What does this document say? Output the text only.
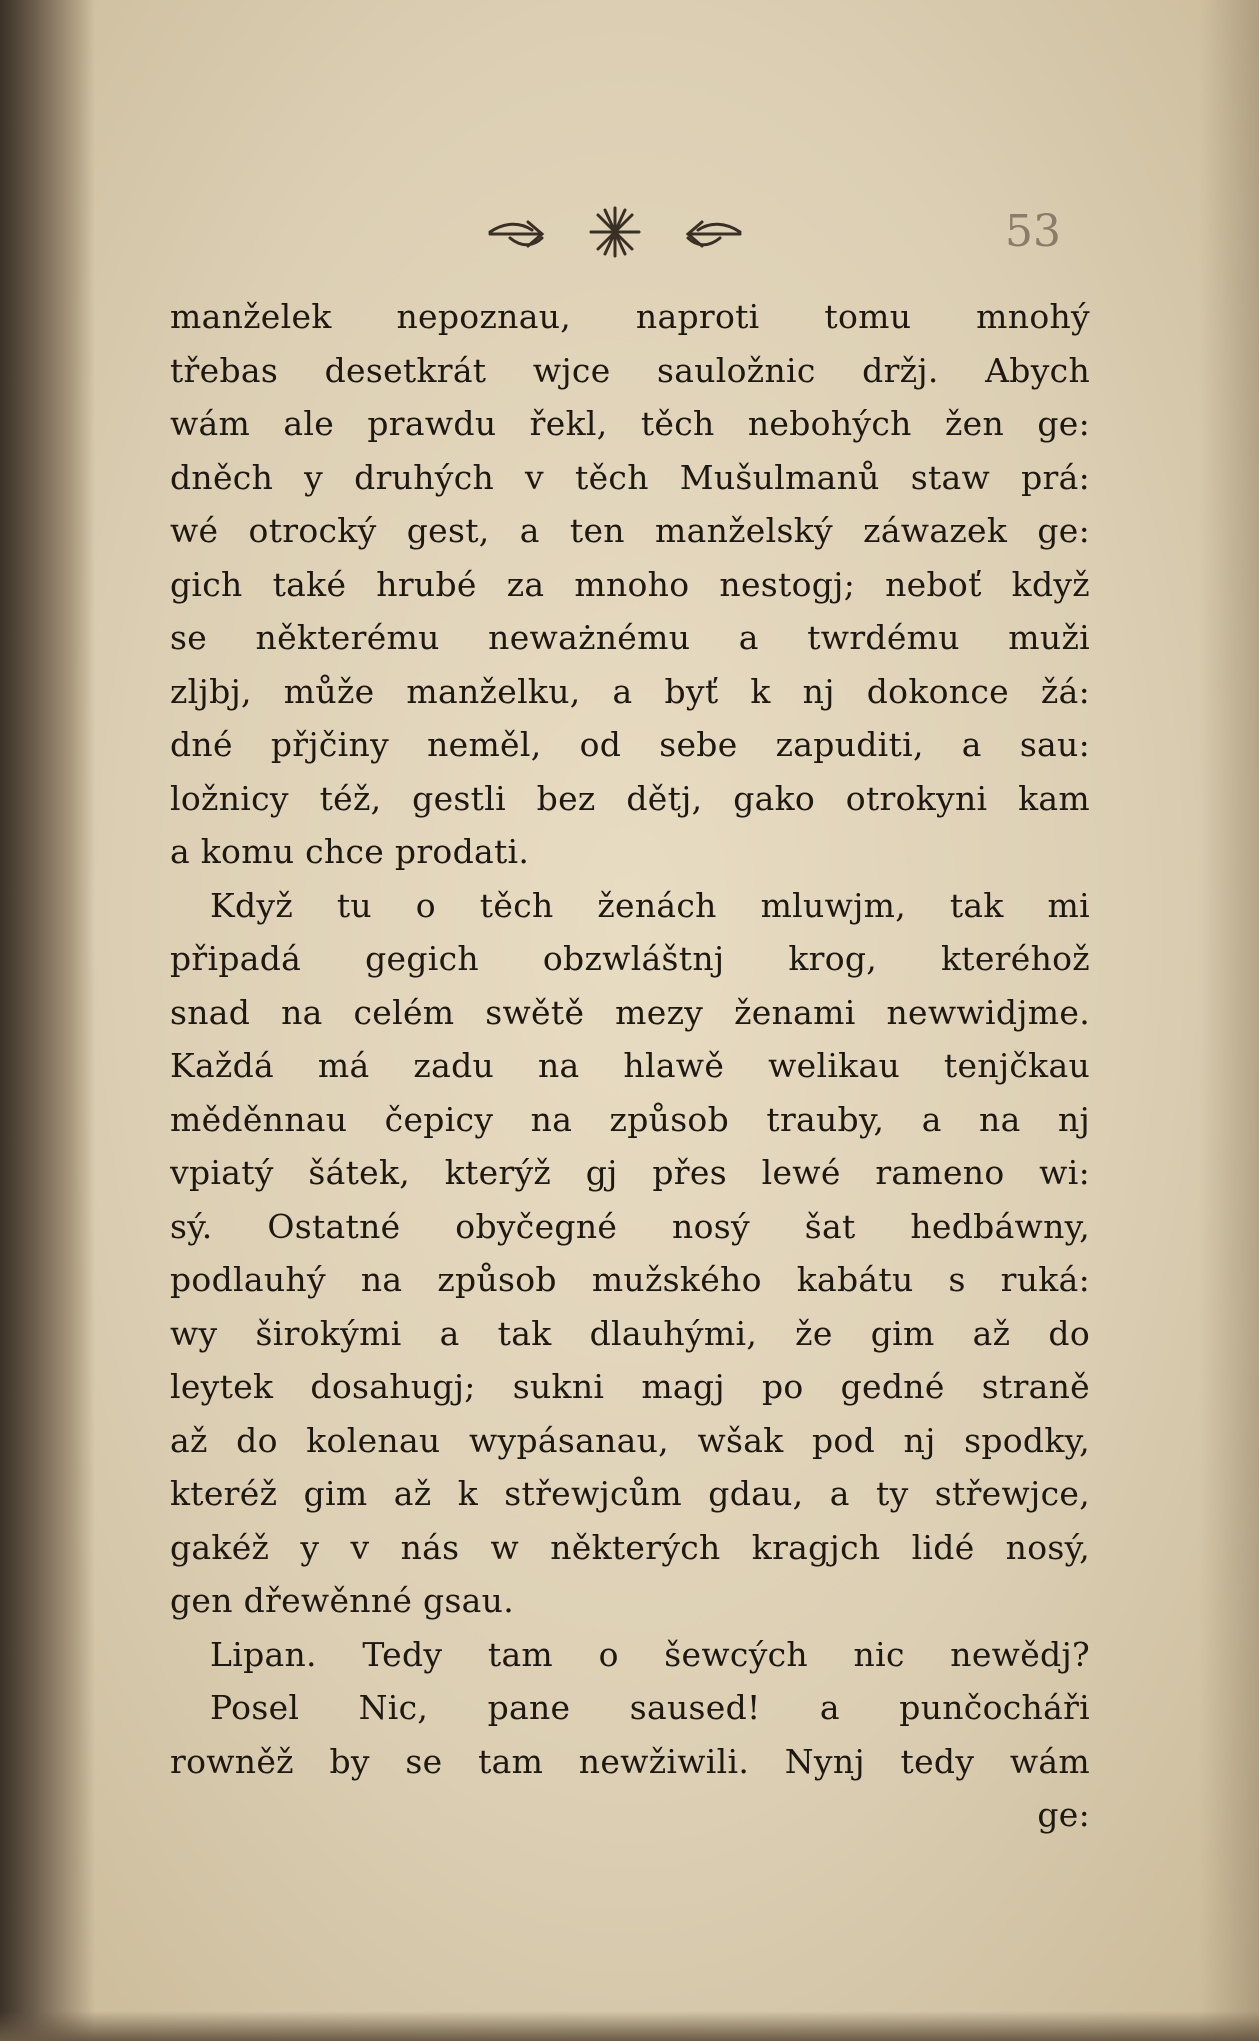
53
manželek nepoznau, naproti tomu mnohý
třebas desetkrát wjce sauložnic držj. Abych
wám ale prawdu řekl, těch nebohých žen ge:
dněch y druhých v těch Mušulmanů staw prá:
wé otrocký gest, a ten manželský záwazek ge:
gich také hrubé za mnoho nestogj; neboť když
se některému neważnému a twrdému muži
zljbj, může manželku, a byť k nj dokonce žá:
dné přjčiny neměl, od sebe zapuditi, a sau:
ložnicy též, gestli bez dětj, gako otrokyni kam
a komu chce prodati.
Když tu o těch ženách mluwjm, tak mi
připadá gegich obzwláštnj krog, kteréhož
snad na celém swětě mezy ženami newwidjme.
Každá má zadu na hlawě welikau tenjčkau
měděnnau čepicy na způsob trauby, a na nj
vpiatý šátek, kterýž gj přes lewé rameno wi:
sý. Ostatné obyčegné nosý šat hedbáwny,
podlauhý na způsob mužského kabátu s ruká:
wy širokými a tak dlauhými, že gim až do
leytek dosahugj; sukni magj po gedné straně
až do kolenau wypásanau, wšak pod nj spodky,
kteréž gim až k střewjcům gdau, a ty střewjce,
gakéž y v nás w některých kragjch lidé nosý,
gen dřewěnné gsau.
Lipan. Tedy tam o šewcých nic newědj?
Posel Nic, pane saused! a punčocháři
rowněž by se tam newžiwili. Nynj tedy wám
ge:
